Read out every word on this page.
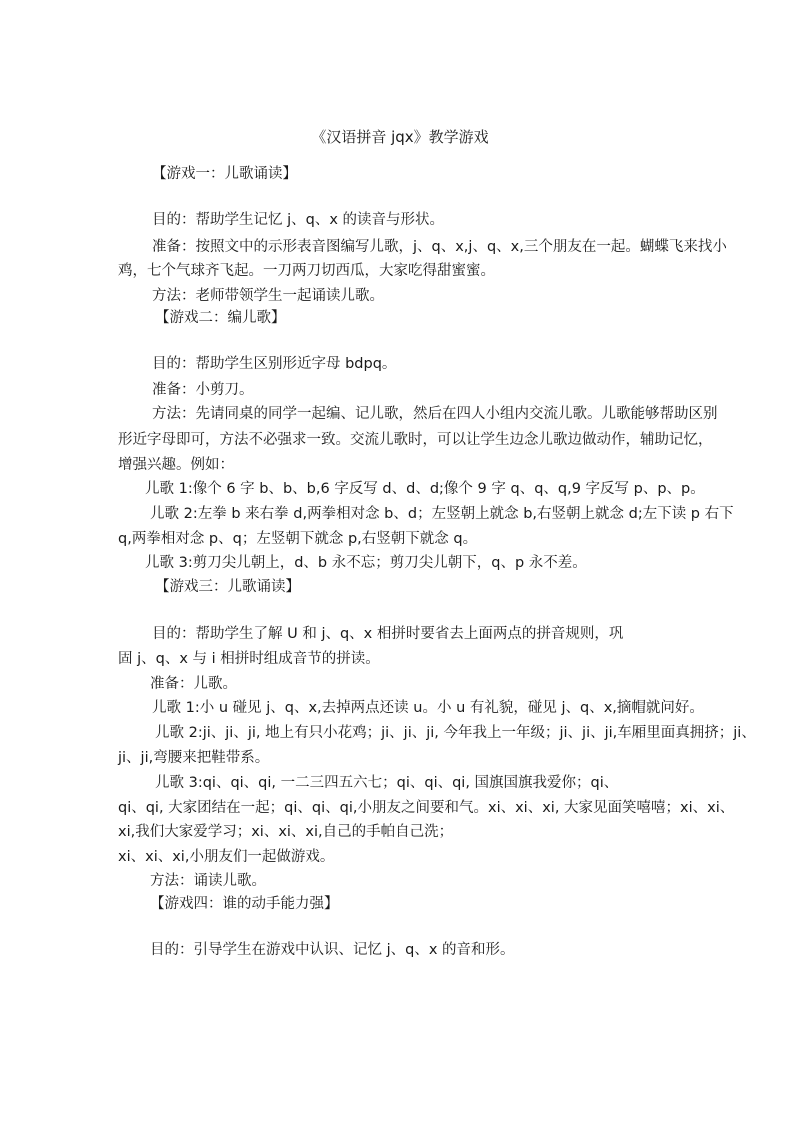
《汉语拼音 jqx》教学游戏
【游戏一：儿歌诵读】
目的：帮助学生记忆 j、q、x 的读音与形状。
准备：按照文中的示形表音图编写儿歌，j、q、x,j、q、x,三个朋友在一起。蝴蝶飞来找小
鸡，七个气球齐飞起。一刀两刀切西瓜，大家吃得甜蜜蜜。
方法：老师带领学生一起诵读儿歌。
【游戏二：编儿歌】
目的：帮助学生区别形近字母 bdpq。
准备：小剪刀。
方法：先请同桌的同学一起编、记儿歌，然后在四人小组内交流儿歌。儿歌能够帮助区别
形近字母即可，方法不必强求一致。交流儿歌时，可以让学生边念儿歌边做动作，辅助记忆，
增强兴趣。例如：
儿歌 1:像个 6 字 b、b、b,6 字反写 d、d、d;像个 9 字 q、q、q,9 字反写 p、p、p。
儿歌 2:左拳 b 来右拳 d,两拳相对念 b、d；左竖朝上就念 b,右竖朝上就念 d;左下读 p 右下
q,两拳相对念 p、q；左竖朝下就念 p,右竖朝下就念 q。
儿歌 3:剪刀尖儿朝上，d、b 永不忘；剪刀尖儿朝下，q、p 永不差。
【游戏三：儿歌诵读】
目的：帮助学生了解 U 和 j、q、x 相拼时要省去上面两点的拼音规则，巩
固 j、q、x 与 i 相拼时组成音节的拼读。
准备：儿歌。
儿歌 1:小 u 碰见 j、q、x,去掉两点还读 u。小 u 有礼貌，碰见 j、q、x,摘帽就问好。
儿歌 2:ji、ji、ji, 地上有只小花鸡；ji、ji、ji, 今年我上一年级；ji、ji、ji,车厢里面真拥挤；ji、
ji、ji,弯腰来把鞋带系。
儿歌 3:qi、qi、qi, 一二三四五六七；qi、qi、qi, 国旗国旗我爱你；qi、
qi、qi, 大家团结在一起；qi、qi、qi,小朋友之间要和气。xi、xi、xi, 大家见面笑嘻嘻；xi、xi、
xi,我们大家爱学习；xi、xi、xi,自己的手帕自己洗；
xi、xi、xi,小朋友们一起做游戏。
方法：诵读儿歌。
【游戏四：谁的动手能力强】
目的：引导学生在游戏中认识、记忆 j、q、x 的音和形。
